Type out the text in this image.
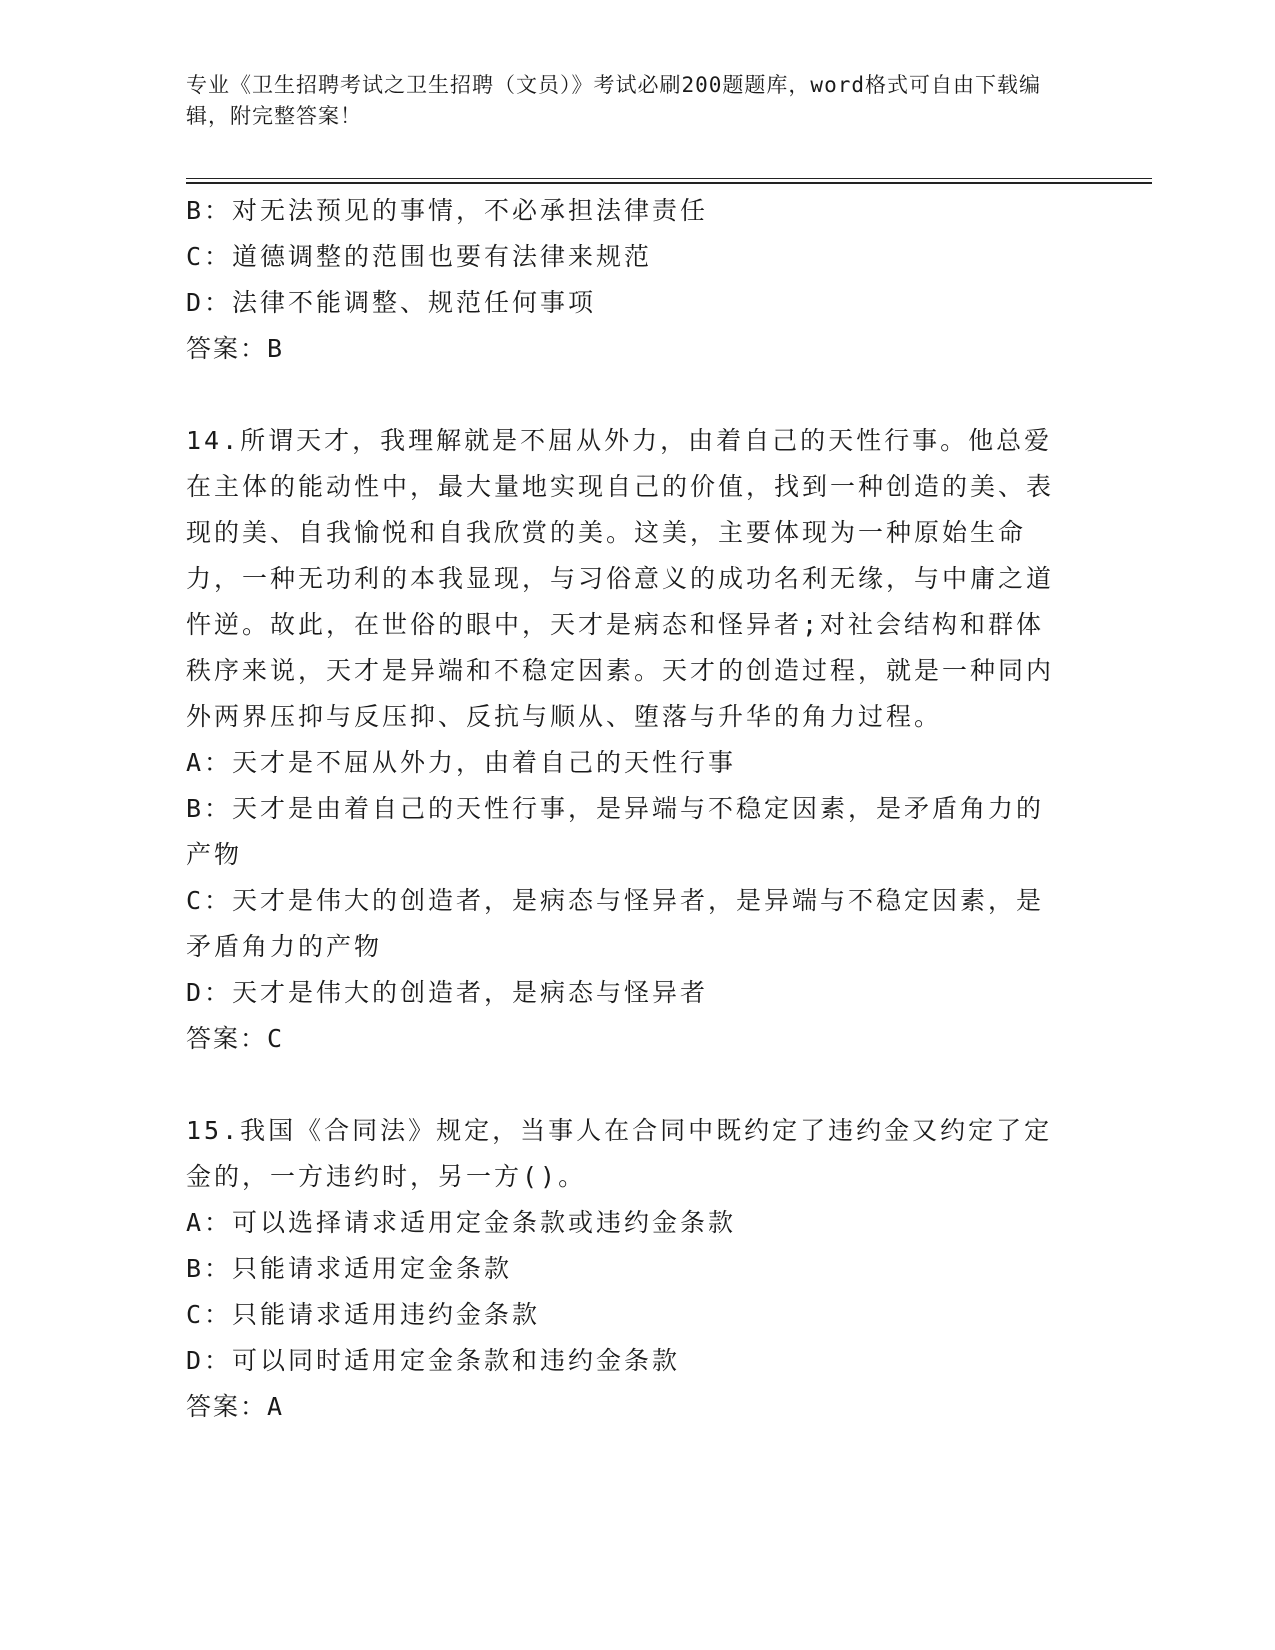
专业《卫生招聘考试之卫生招聘（文员）》考试必刷200题题库，word格式可自由下载编辑，附完整答案！

B：对无法预见的事情，不必承担法律责任

C：道德调整的范围也要有法律来规范

D：法律不能调整、规范任何事项

答案：B

14.所谓天才，我理解就是不屈从外力，由着自己的天性行事。他总爱在主体的能动性中，最大量地实现自己的价值，找到一种创造的美、表现的美、自我愉悦和自我欣赏的美。这美，主要体现为一种原始生命力，一种无功利的本我显现，与习俗意义的成功名利无缘，与中庸之道忤逆。故此，在世俗的眼中，天才是病态和怪异者;对社会结构和群体秩序来说，天才是异端和不稳定因素。天才的创造过程，就是一种同内外两界压抑与反压抑、反抗与顺从、堕落与升华的角力过程。

A：天才是不屈从外力，由着自己的天性行事

B：天才是由着自己的天性行事，是异端与不稳定因素，是矛盾角力的产物

C：天才是伟大的创造者，是病态与怪异者，是异端与不稳定因素，是矛盾角力的产物

D：天才是伟大的创造者，是病态与怪异者

答案：C

15.我国《合同法》规定，当事人在合同中既约定了违约金又约定了定金的，一方违约时，另一方()。

A：可以选择请求适用定金条款或违约金条款

B：只能请求适用定金条款

C：只能请求适用违约金条款

D：可以同时适用定金条款和违约金条款

答案：A
